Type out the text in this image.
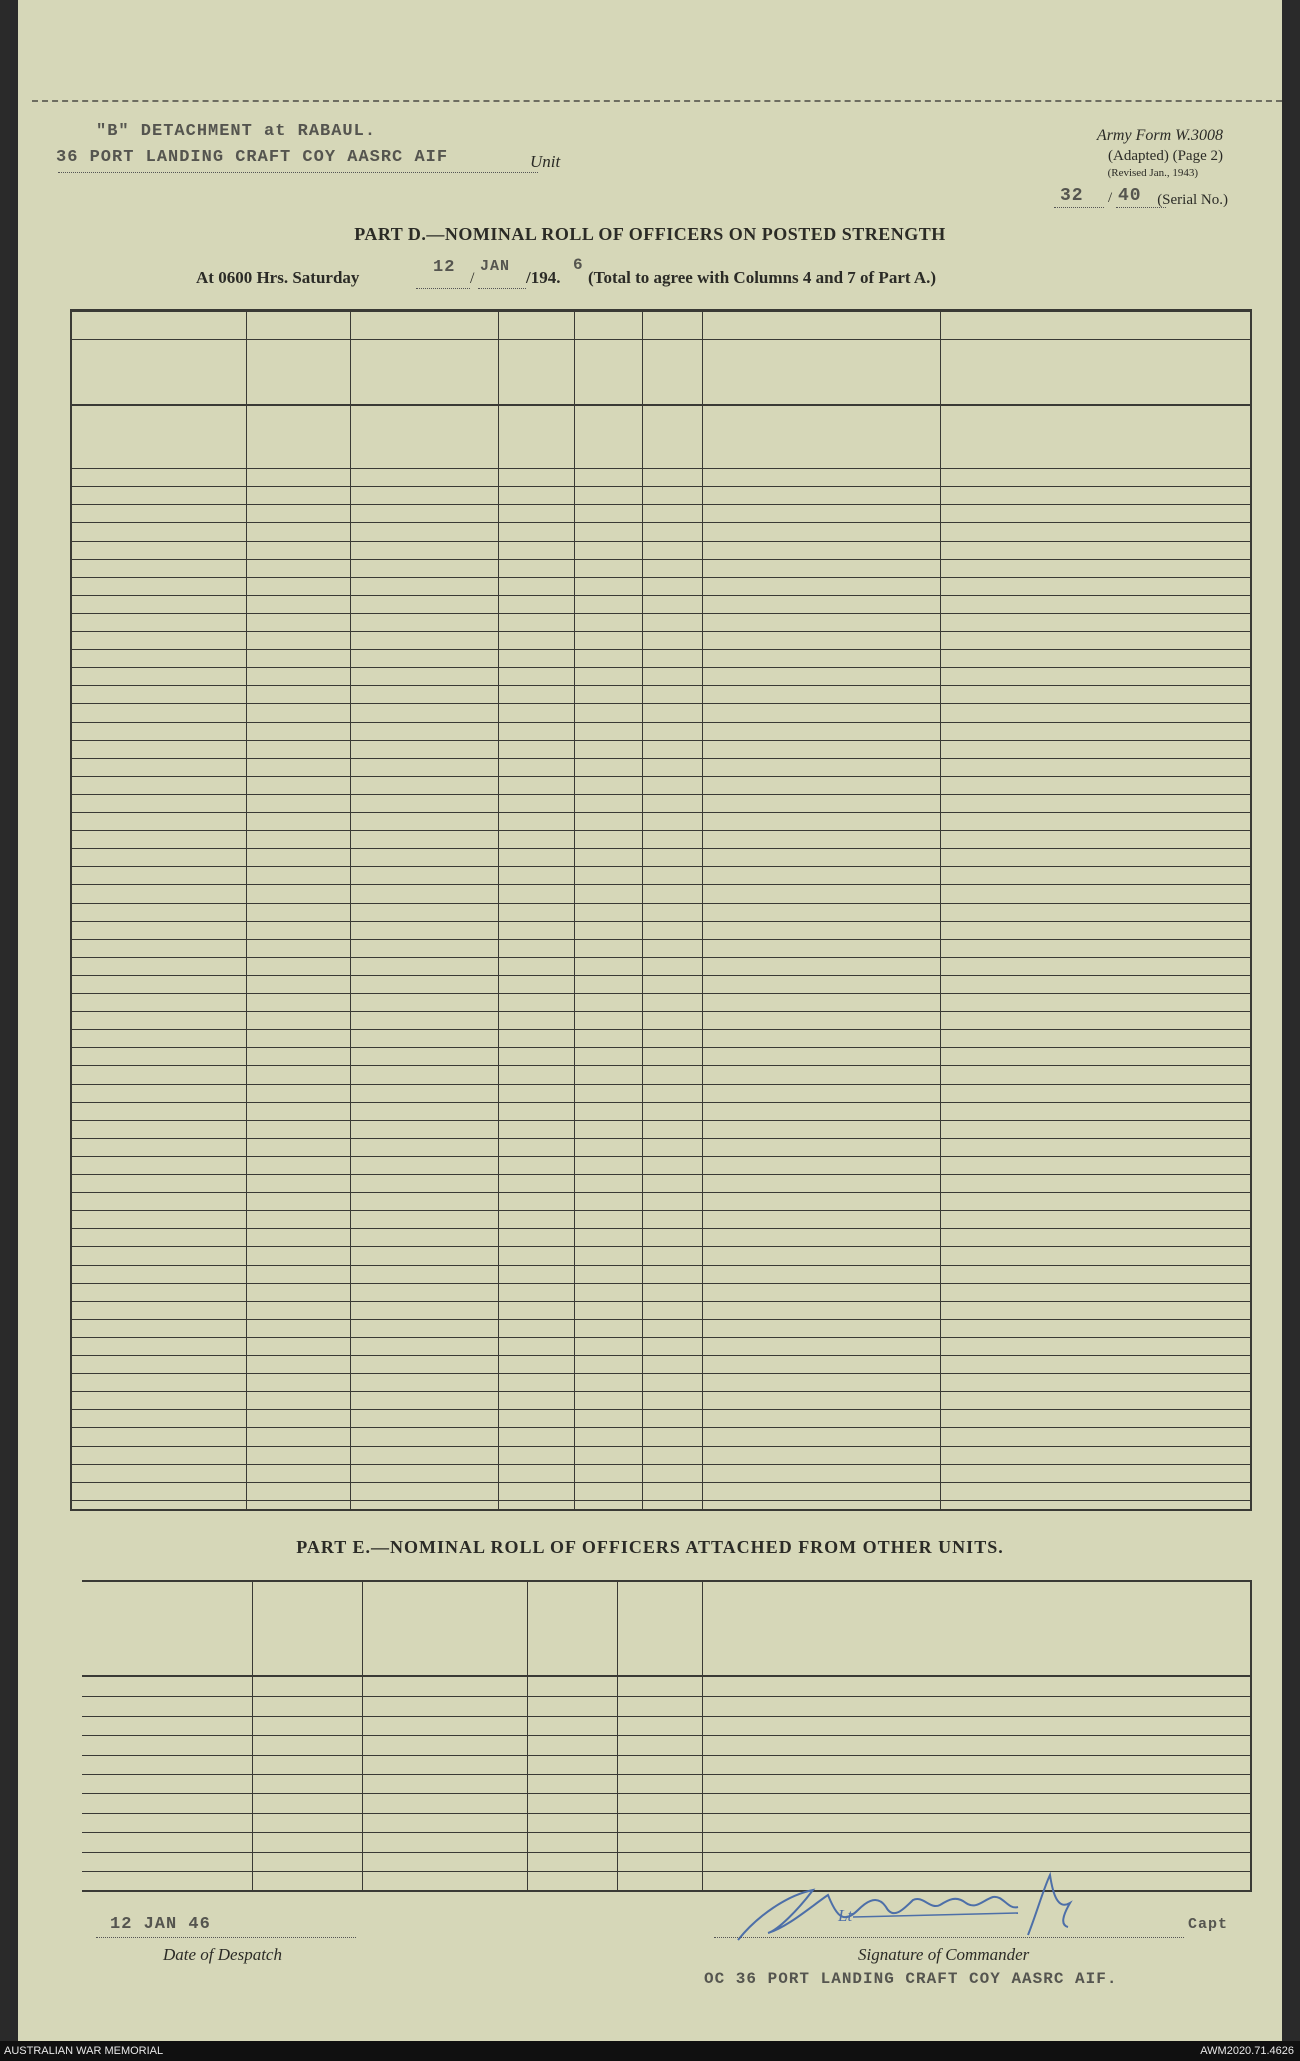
"B" DETACHMENT at RABAUL.
36 PORT LANDING CRAFT COY AASRC AIF	Unit
Army Form W.3008
(Adapted) (Page 2)
(Revised Jan., 1943)
32 / 40	(Serial No.)
PART D.—NOMINAL ROLL OF OFFICERS ON POSTED STRENGTH
At 0600 Hrs. Saturday
12
/
JAN
/194.
6
(Total to agree with Columns 4 and 7 of Part A.)
PART E.—NOMINAL ROLL OF OFFICERS ATTACHED FROM OTHER UNITS.
12 JAN 46
Date of Despatch
Lt	Capt
Signature of Commander
OC 36 PORT LANDING CRAFT COY AASRC AIF.
AUSTRALIAN WAR MEMORIAL	AWM2020.71.4626
